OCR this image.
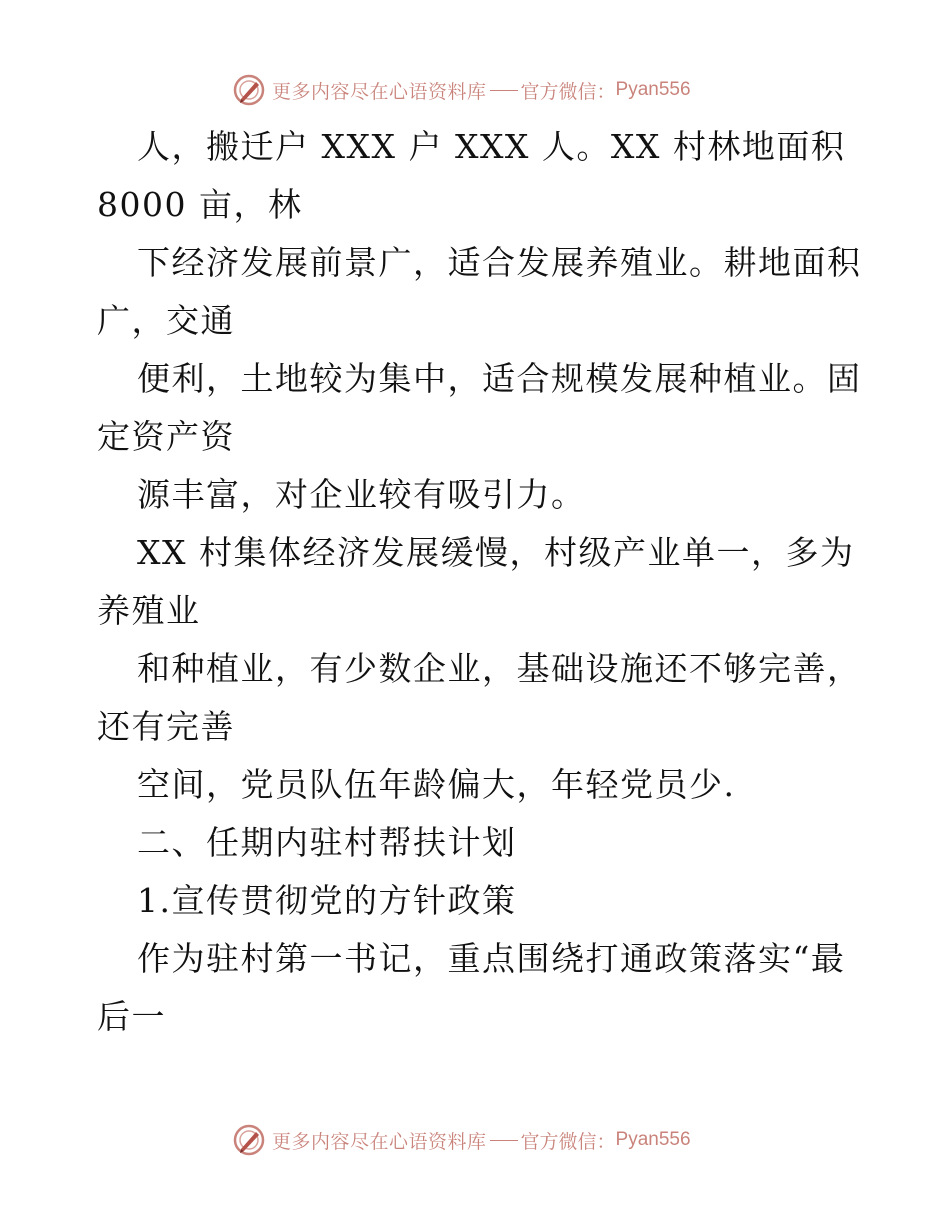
更多内容尽在心语资料库 官方微信： Pyan556
人，搬迁户 XXX 户 XXX 人。XX 村林地面积
8000 亩，林
下经济发展前景广，适合发展养殖业。耕地面积
广，交通
便利，土地较为集中，适合规模发展种植业。固
定资产资
源丰富，对企业较有吸引力。
XX 村集体经济发展缓慢，村级产业单一，多为
养殖业
和种植业，有少数企业，基础设施还不够完善，
还有完善
空间，党员队伍年龄偏大，年轻党员少.
二、任期内驻村帮扶计划
1.宣传贯彻党的方针政策
作为驻村第一书记，重点围绕打通政策落实“最
后一
更多内容尽在心语资料库 官方微信： Pyan556
